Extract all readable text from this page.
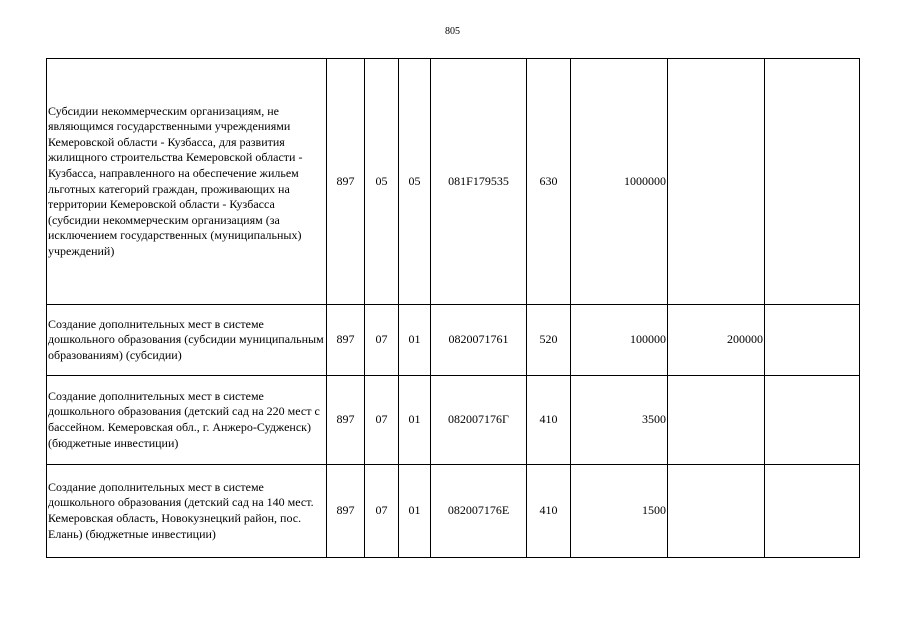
805
Субсидии некоммерческим организациям, не являющимся государственными учреждениями Кемеровской области - Кузбасса, для развития жилищного строительства Кемеровской области - Кузбасса, направленного на обеспечение жильем льготных категорий граждан, проживающих на территории Кемеровской области - Кузбасса (субсидии некоммерческим организациям (за исключением государственных (муниципальных) учреждений)	897	05	05	081F179535	630	1000000		
Создание дополнительных мест в системе дошкольного образования (субсидии муниципальным образованиям) (субсидии)	897	07	01	0820071761	520	100000	200000	
Создание дополнительных мест в системе дошкольного образования (детский сад на 220 мест с бассейном. Кемеровская обл., г. Анжеро-Судженск) (бюджетные инвестиции)	897	07	01	082007176Г	410	3500		
Создание дополнительных мест в системе дошкольного образования (детский сад на 140 мест. Кемеровская область, Новокузнецкий район, пос. Елань) (бюджетные инвестиции)	897	07	01	082007176Е	410	1500		
